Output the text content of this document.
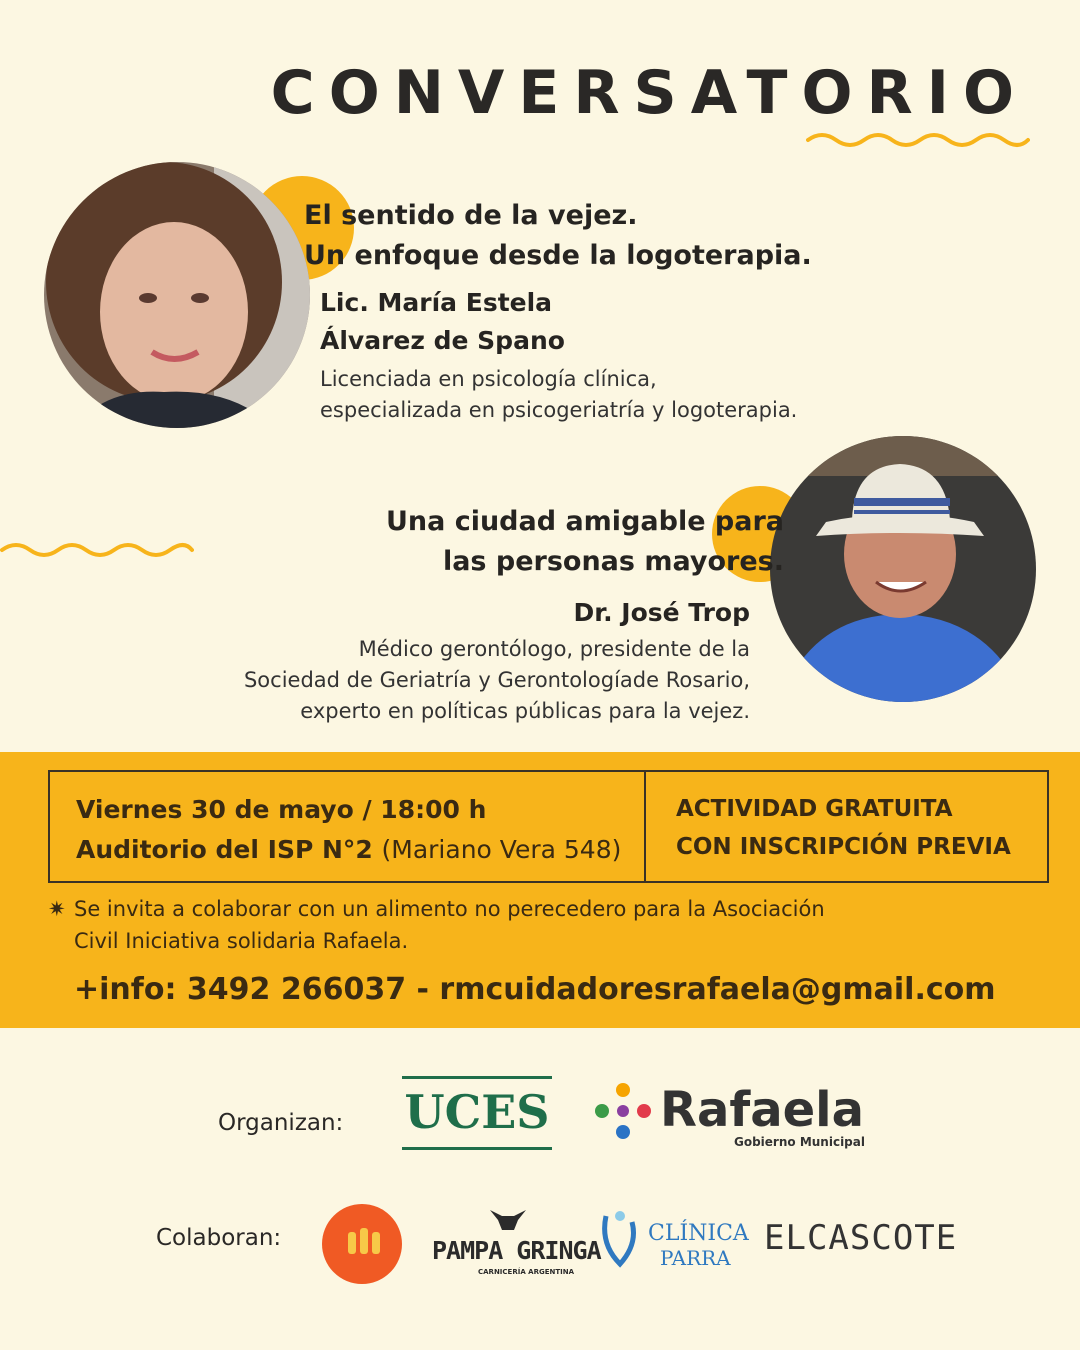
CONVERSATORIO
El sentido de la vejez.
Un enfoque desde la logoterapia.
Lic. María Estela
Álvarez de Spano
Licenciada en psicología clínica,
especializada en psicogeriatría y logoterapia.
Una ciudad amigable para
las personas mayores.
Dr. José Trop
Médico gerontólogo, presidente de la
Sociedad de Geriatría y Gerontologíade Rosario,
experto en políticas públicas para la vejez.
Viernes 30 de mayo / 18:00 h
Auditorio del ISP N°2 (Mariano Vera 548)
ACTIVIDAD GRATUITA
CON INSCRIPCIÓN PREVIA
✷ Se invita a colaborar con un alimento no perecedero para la Asociación
Civil Iniciativa solidaria Rafaela.
+info: 3492 266037 - rmcuidadoresrafaela@gmail.com
Organizan: UCES Rafaela
Gobierno Municipal
Colaboran:	PAMPA GRINGA
CARNICERÍA ARGENTINA
CLÍNICA
PARRA ELCASCOTE
